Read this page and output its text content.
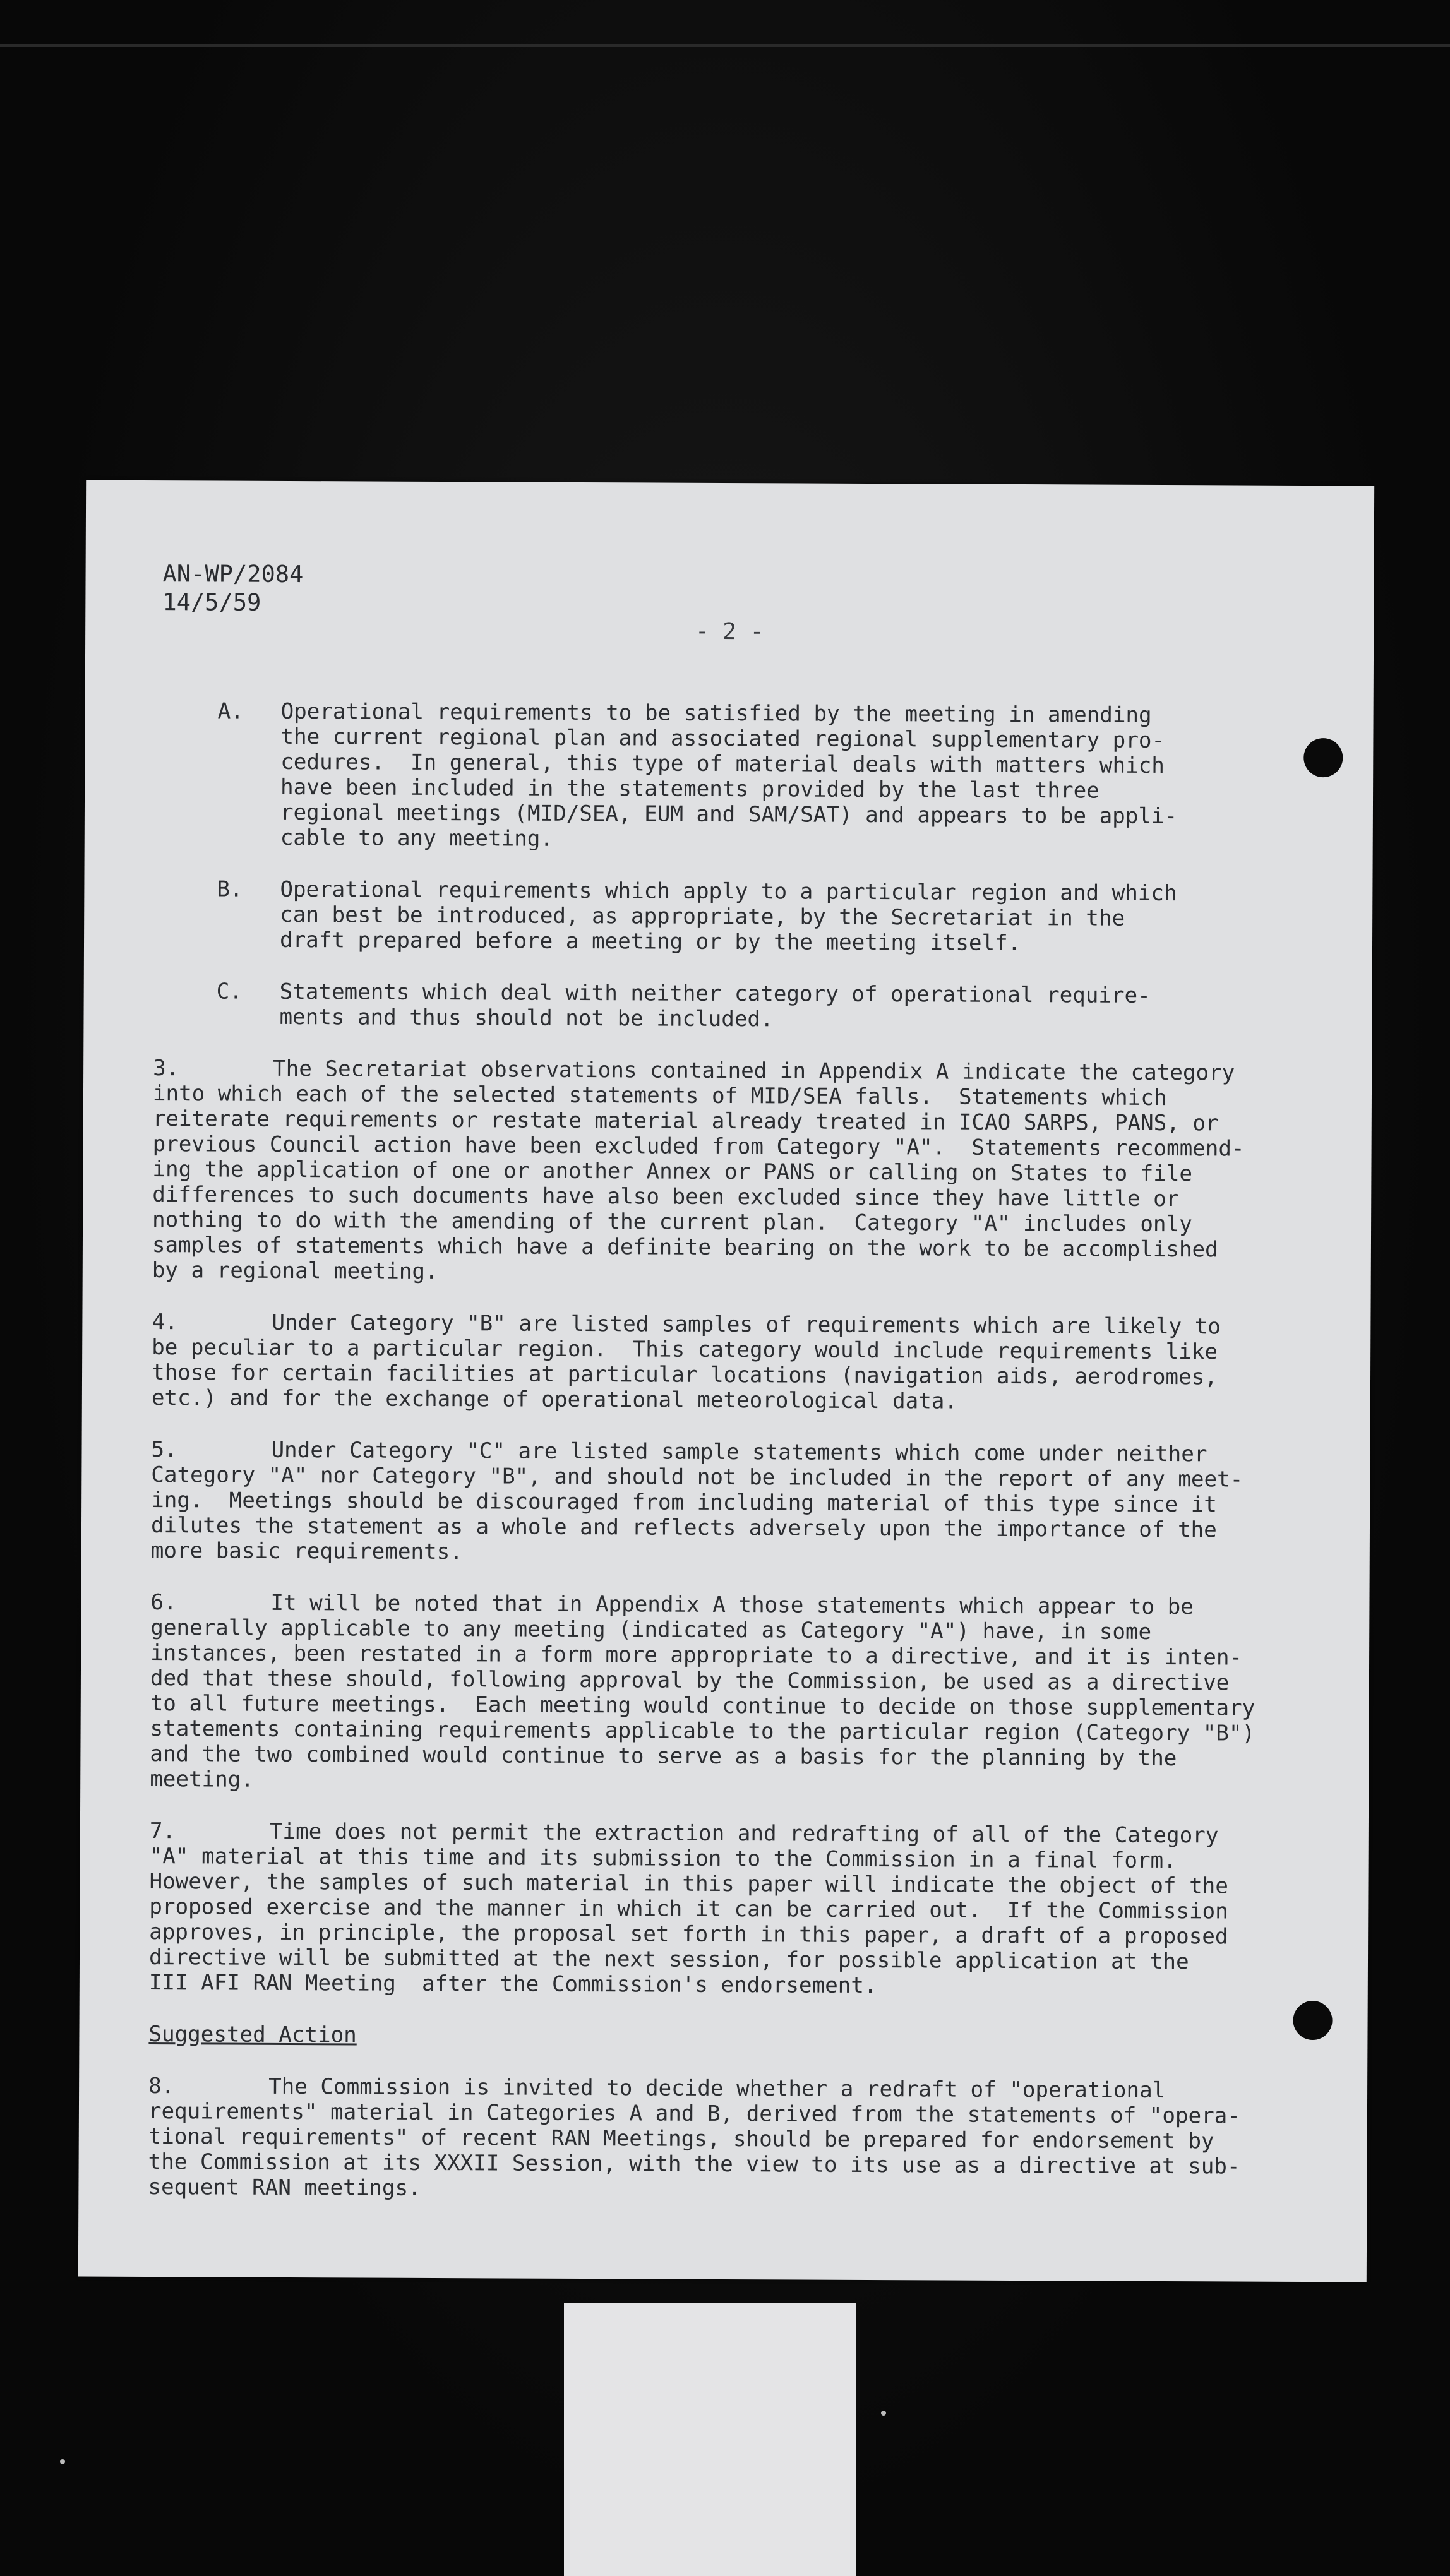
AN-WP/2084
14/5/59
- 2 -
A. Operational requirements to be satisfied by the meeting in amending
the current regional plan and associated regional supplementary pro-
cedures.  In general, this type of material deals with matters which
have been included in the statements provided by the last three
regional meetings (MID/SEA, EUM and SAM/SAT) and appears to be appli-
cable to any meeting.
B. Operational requirements which apply to a particular region and which
can best be introduced, as appropriate, by the Secretariat in the
draft prepared before a meeting or by the meeting itself.
C. Statements which deal with neither category of operational require-
ments and thus should not be included.
3.	The Secretariat observations contained in Appendix A indicate the category
into which each of the selected statements of MID/SEA falls.  Statements which
reiterate requirements or restate material already treated in ICAO SARPS, PANS, or
previous Council action have been excluded from Category "A".  Statements recommend-
ing the application of one or another Annex or PANS or calling on States to file
differences to such documents have also been excluded since they have little or
nothing to do with the amending of the current plan.  Category "A" includes only
samples of statements which have a definite bearing on the work to be accomplished
by a regional meeting.
4.	Under Category "B" are listed samples of requirements which are likely to
be peculiar to a particular region.  This category would include requirements like
those for certain facilities at particular locations (navigation aids, aerodromes,
etc.) and for the exchange of operational meteorological data.
5.	Under Category "C" are listed sample statements which come under neither
Category "A" nor Category "B", and should not be included in the report of any meet-
ing.  Meetings should be discouraged from including material of this type since it
dilutes the statement as a whole and reflects adversely upon the importance of the
more basic requirements.
6.	It will be noted that in Appendix A those statements which appear to be
generally applicable to any meeting (indicated as Category "A") have, in some
instances, been restated in a form more appropriate to a directive, and it is inten-
ded that these should, following approval by the Commission, be used as a directive
to all future meetings.  Each meeting would continue to decide on those supplementary
statements containing requirements applicable to the particular region (Category "B")
and the two combined would continue to serve as a basis for the planning by the
meeting.
7.	Time does not permit the extraction and redrafting of all of the Category
"A" material at this time and its submission to the Commission in a final form.
However, the samples of such material in this paper will indicate the object of the
proposed exercise and the manner in which it can be carried out.  If the Commission
approves, in principle, the proposal set forth in this paper, a draft of a proposed
directive will be submitted at the next session, for possible application at the
III AFI RAN Meeting  after the Commission's endorsement.
Suggested Action
8.	The Commission is invited to decide whether a redraft of "operational
requirements" material in Categories A and B, derived from the statements of "opera-
tional requirements" of recent RAN Meetings, should be prepared for endorsement by
the Commission at its XXXII Session, with the view to its use as a directive at sub-
sequent RAN meetings.
